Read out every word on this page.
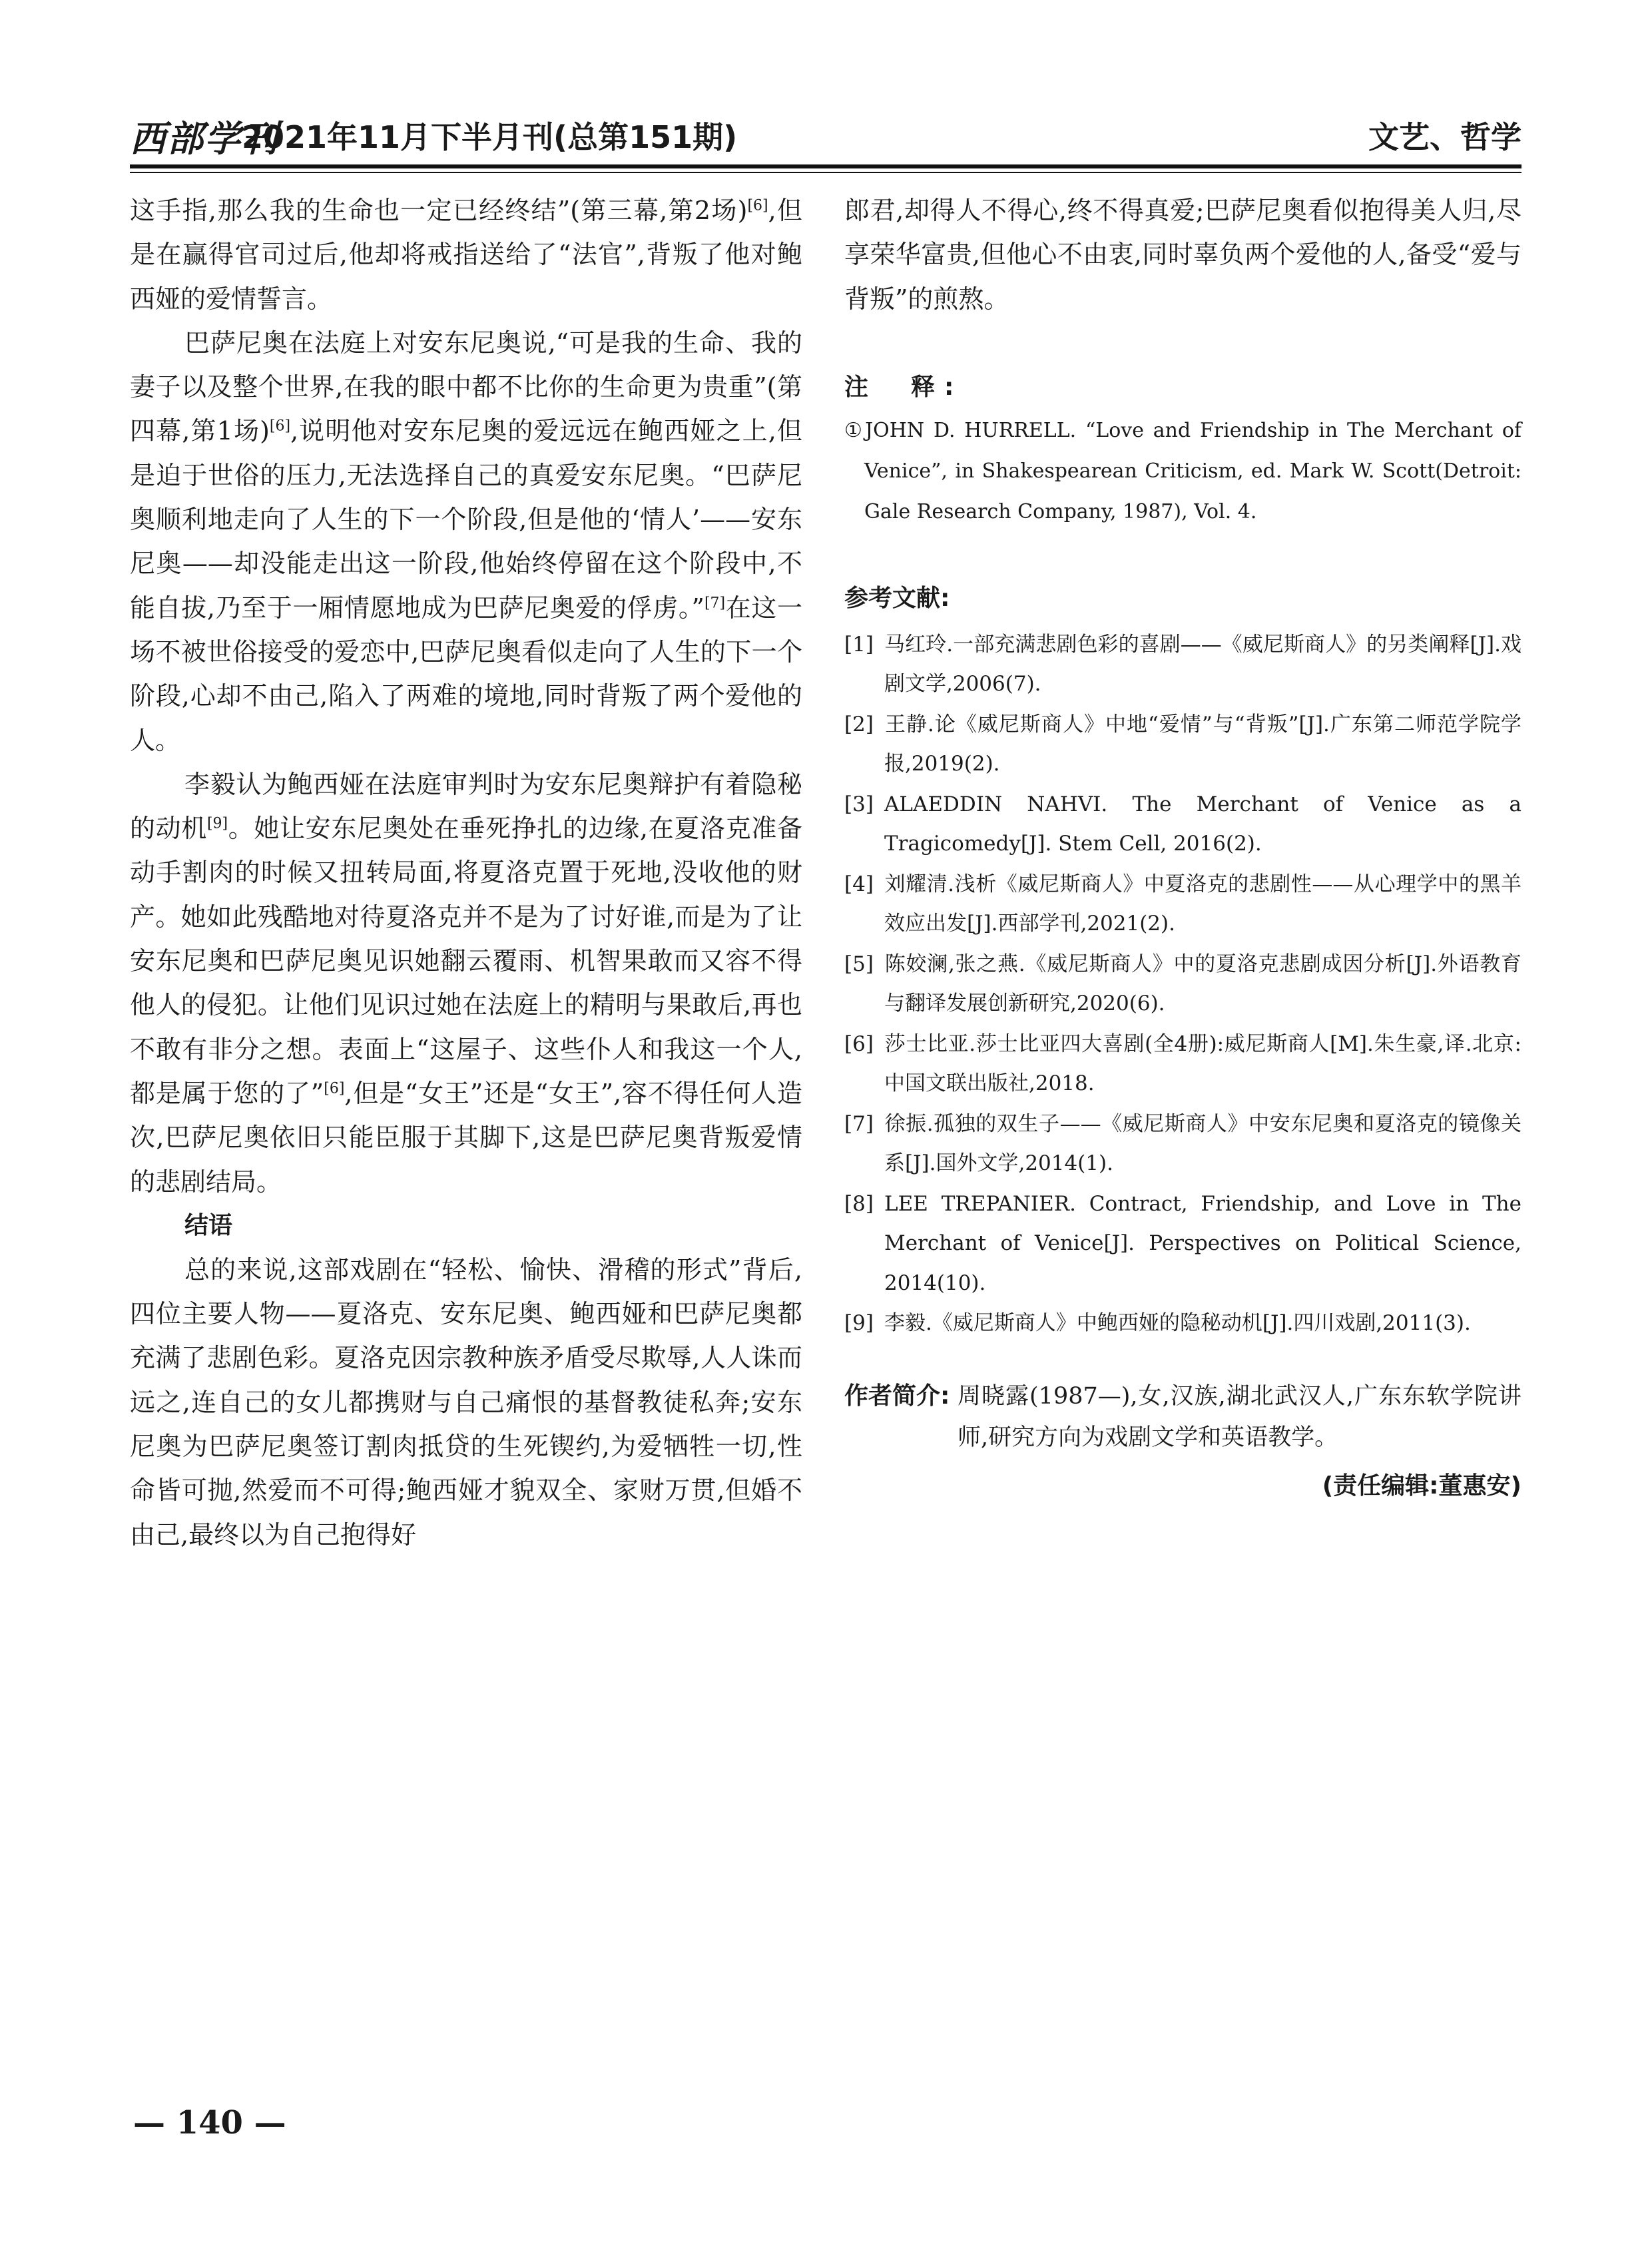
西部学刊
2021年11月下半月刊(总第151期)	文艺、哲学

这手指,那么我的生命也一定已经终结”(第三幕,第2场)[6],但是在赢得官司过后,他却将戒指送给了“法官”,背叛了他对鲍西娅的爱情誓言。

巴萨尼奥在法庭上对安东尼奥说,“可是我的生命、我的妻子以及整个世界,在我的眼中都不比你的生命更为贵重”(第四幕,第1场)[6],说明他对安东尼奥的爱远远在鲍西娅之上,但是迫于世俗的压力,无法选择自己的真爱安东尼奥。“巴萨尼奥顺利地走向了人生的下一个阶段,但是他的‘情人’——安东尼奥——却没能走出这一阶段,他始终停留在这个阶段中,不能自拔,乃至于一厢情愿地成为巴萨尼奥爱的俘虏。”[7]在这一场不被世俗接受的爱恋中,巴萨尼奥看似走向了人生的下一个阶段,心却不由己,陷入了两难的境地,同时背叛了两个爱他的人。

李毅认为鲍西娅在法庭审判时为安东尼奥辩护有着隐秘的动机[9]。她让安东尼奥处在垂死挣扎的边缘,在夏洛克准备动手割肉的时候又扭转局面,将夏洛克置于死地,没收他的财产。她如此残酷地对待夏洛克并不是为了讨好谁,而是为了让安东尼奥和巴萨尼奥见识她翻云覆雨、机智果敢而又容不得他人的侵犯。让他们见识过她在法庭上的精明与果敢后,再也不敢有非分之想。表面上“这屋子、这些仆人和我这一个人,都是属于您的了”[6],但是“女王”还是“女王”,容不得任何人造次,巴萨尼奥依旧只能臣服于其脚下,这是巴萨尼奥背叛爱情的悲剧结局。

结语

总的来说,这部戏剧在“轻松、愉快、滑稽的形式”背后,四位主要人物——夏洛克、安东尼奥、鲍西娅和巴萨尼奥都充满了悲剧色彩。夏洛克因宗教种族矛盾受尽欺辱,人人诛而远之,连自己的女儿都携财与自己痛恨的基督教徒私奔;安东尼奥为巴萨尼奥签订割肉抵贷的生死锲约,为爱牺牲一切,性命皆可抛,然爱而不可得;鲍西娅才貌双全、家财万贯,但婚不由己,最终以为自己抱得好

郎君,却得人不得心,终不得真爱;巴萨尼奥看似抱得美人归,尽享荣华富贵,但他心不由衷,同时辜负两个爱他的人,备受“爱与背叛”的煎熬。

注　释:

①JOHN D. HURRELL. “Love and Friendship in The Merchant of Venice”, in Shakespearean Criticism, ed. Mark W. Scott(Detroit: Gale Research Company, 1987), Vol. 4.

参考文献:

[1] 马红玲.一部充满悲剧色彩的喜剧——《威尼斯商人》的另类阐释[J].戏剧文学,2006(7).
[2] 王静.论《威尼斯商人》中地“爱情”与“背叛”[J].广东第二师范学院学报,2019(2).
[3] ALAEDDIN NAHVI. The Merchant of Venice as a Tragicomedy[J]. Stem Cell, 2016(2).
[4] 刘耀清.浅析《威尼斯商人》中夏洛克的悲剧性——从心理学中的黑羊效应出发[J].西部学刊,2021(2).
[5] 陈姣澜,张之燕.《威尼斯商人》中的夏洛克悲剧成因分析[J].外语教育与翻译发展创新研究,2020(6).
[6] 莎士比亚.莎士比亚四大喜剧(全4册):威尼斯商人[M].朱生豪,译.北京:中国文联出版社,2018.
[7] 徐振.孤独的双生子——《威尼斯商人》中安东尼奥和夏洛克的镜像关系[J].国外文学,2014(1).
[8] LEE TREPANIER. Contract, Friendship, and Love in The Merchant of Venice[J]. Perspectives on Political Science, 2014(10).
[9] 李毅.《威尼斯商人》中鲍西娅的隐秘动机[J].四川戏剧,2011(3).
作者简介: 周晓露(1987—),女,汉族,湖北武汉人,广东东软学院讲师,研究方向为戏剧文学和英语教学。

(责任编辑:董惠安)
— 140 —
